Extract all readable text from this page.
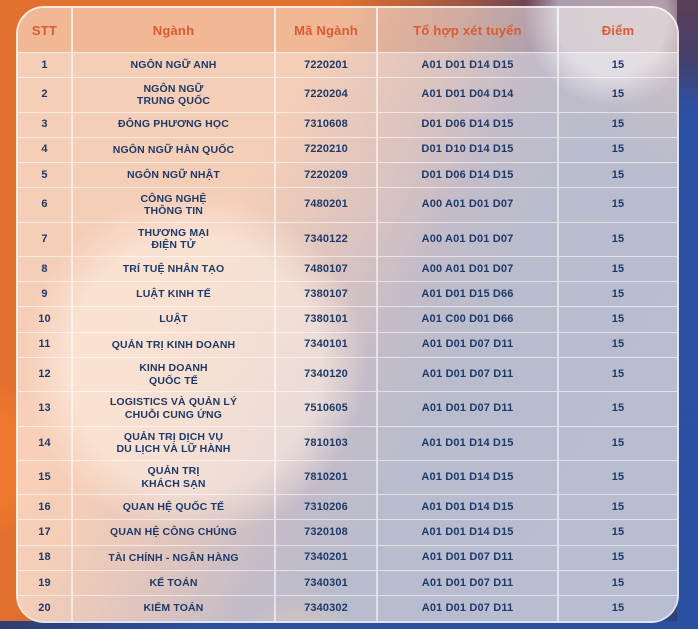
STT	Ngành	Mã Ngành	Tổ hợp xét tuyển	Điểm
1	NGÔN NGỮ ANH	7220201	A01 D01 D14 D15	15
2	NGÔN NGỮ
TRUNG QUỐC	7220204	A01 D01 D04 D14	15
3	ĐÔNG PHƯƠNG HỌC	7310608	D01 D06 D14 D15	15
4	NGÔN NGỮ HÀN QUỐC	7220210	D01 D10 D14 D15	15
5	NGÔN NGỮ NHẬT	7220209	D01 D06 D14 D15	15
6	CÔNG NGHỆ
THÔNG TIN	7480201	A00 A01 D01 D07	15
7	THƯƠNG MẠI
ĐIỆN TỬ	7340122	A00 A01 D01 D07	15
8	TRÍ TUỆ NHÂN TẠO	7480107	A00 A01 D01 D07	15
9	LUẬT KINH TẾ	7380107	A01 D01 D15 D66	15
10	LUẬT	7380101	A01 C00 D01 D66	15
11	QUẢN TRỊ KINH DOANH	7340101	A01 D01 D07 D11	15
12	KINH DOANH
QUỐC TẾ	7340120	A01 D01 D07 D11	15
13	LOGISTICS VÀ QUẢN LÝ
CHUỖI CUNG ỨNG	7510605	A01 D01 D07 D11	15
14	QUẢN TRỊ DỊCH VỤ
DU LỊCH VÀ LỮ HÀNH	7810103	A01 D01 D14 D15	15
15	QUẢN TRỊ
KHÁCH SẠN	7810201	A01 D01 D14 D15	15
16	QUAN HỆ QUỐC TẾ	7310206	A01 D01 D14 D15	15
17	QUAN HỆ CÔNG CHÚNG	7320108	A01 D01 D14 D15	15
18	TÀI CHÍNH - NGÂN HÀNG	7340201	A01 D01 D07 D11	15
19	KẾ TOÁN	7340301	A01 D01 D07 D11	15
20	KIỂM TOÁN	7340302	A01 D01 D07 D11	15
